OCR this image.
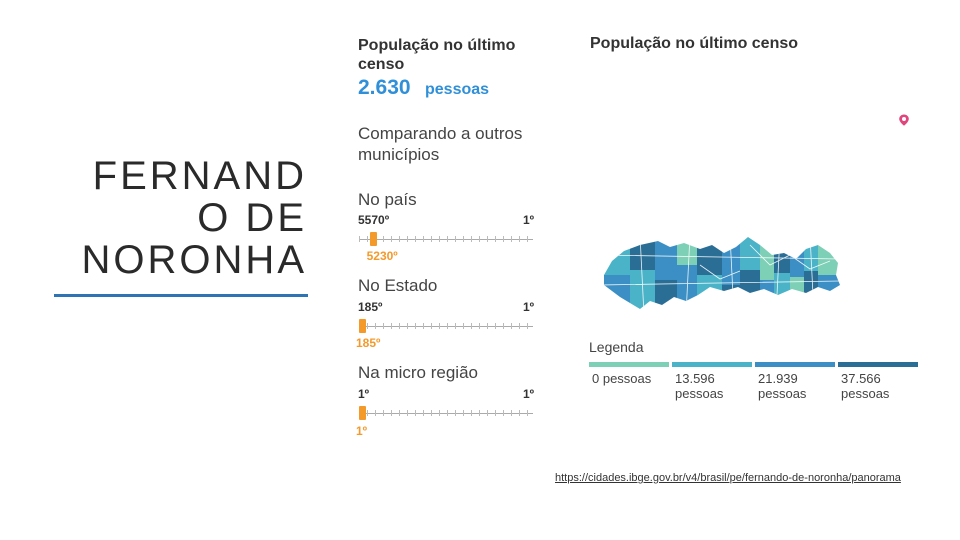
FERNAND
O DE
NORONHA
População no último censo
2.630 pessoas
Comparando a outros municípios
No país
5570º	1º
5230º
No Estado
185º	1º
185º
Na micro região
1º	1º
1º
População no último censo
Legenda
0 pessoas	13.596 pessoas
21.939 pessoas
37.566 pessoas
https://cidades.ibge.gov.br/v4/brasil/pe/fernando-de-noronha/panorama
